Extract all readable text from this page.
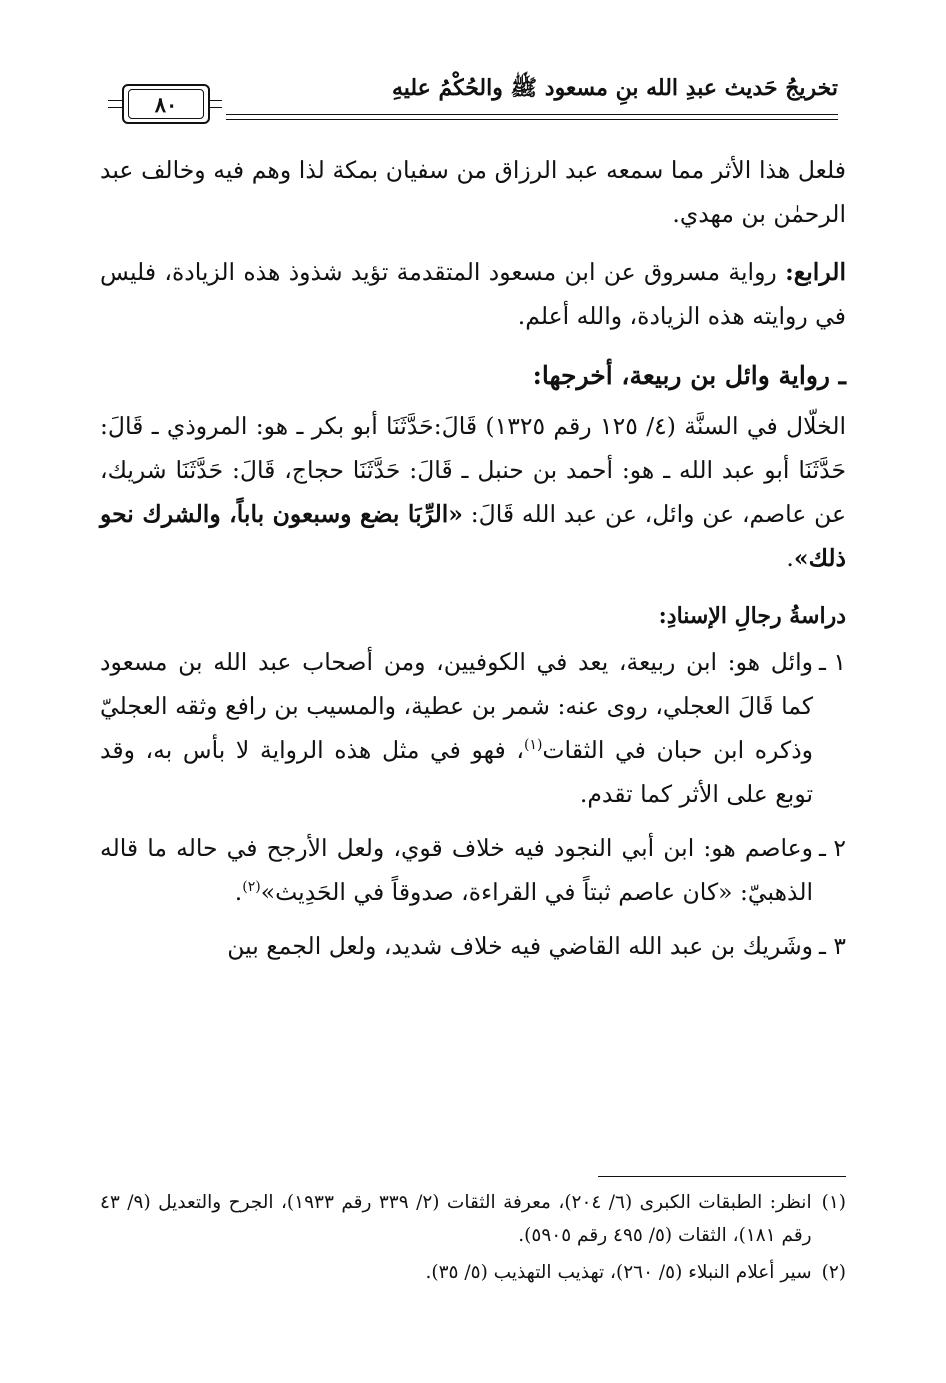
تخريجُ حَديث عبدِ الله بنِ مسعود ﷺ والحُكْمُ عليهِ
٨٠

فلعل هذا الأثر مما سمعه عبد الرزاق من سفيان بمكة لذا وهم فيه وخالف عبد الرحمٰن بن مهدي.

الرابع: رواية مسروق عن ابن مسعود المتقدمة تؤيد شذوذ هذه الزيادة، فليس في روايته هذه الزيادة، والله أعلم.

ـ رواية وائل بن ربيعة، أخرجها:

الخلّال في السنَّة (٤/ ١٢٥ رقم ١٣٢٥) قَالَ:حَدَّثَنَا أبو بكر ـ هو: المروذي ـ قَالَ: حَدَّثَنَا أبو عبد الله ـ هو: أحمد بن حنبل ـ قَالَ: حَدَّثَنَا حجاج، قَالَ: حَدَّثَنَا شريك، عن عاصم، عن وائل، عن عبد الله قَالَ: «الرِّبَا بضع وسبعون باباً، والشرك نحو ذلك».

دراسةُ رجالِ الإسنادِ:
١ ـ
وائل هو: ابن ربيعة، يعد في الكوفيين، ومن أصحاب عبد الله بن مسعود كما قَالَ العجلي، روى عنه: شمر بن عطية، والمسيب بن رافع وثقه العجليّ وذكره ابن حبان في الثقات$^{(١)}$، فهو في مثل هذه الرواية لا بأس به، وقد توبع على الأثر كما تقدم.
٢ ـ
وعاصم هو: ابن أبي النجود فيه خلاف قوي، ولعل الأرجح في حاله ما قاله الذهبيّ: «كان عاصم ثبتاً في القراءة، صدوقاً في الحَدِيث»$^{(٢)}$.
٣ ـ
وشَريك بن عبد الله القاضي فيه خلاف شديد، ولعل الجمع بين
(١)
انظر: الطبقات الكبرى (٦/ ٢٠٤)، معرفة الثقات (٢/ ٣٣٩ رقم ١٩٣٣)، الجرح والتعديل (٩/ ٤٣ رقم ١٨١)، الثقات (٥/ ٤٩٥ رقم ٥٩٠٥).
(٢)
سير أعلام النبلاء (٥/ ٢٦٠)، تهذيب التهذيب (٥/ ٣٥).
